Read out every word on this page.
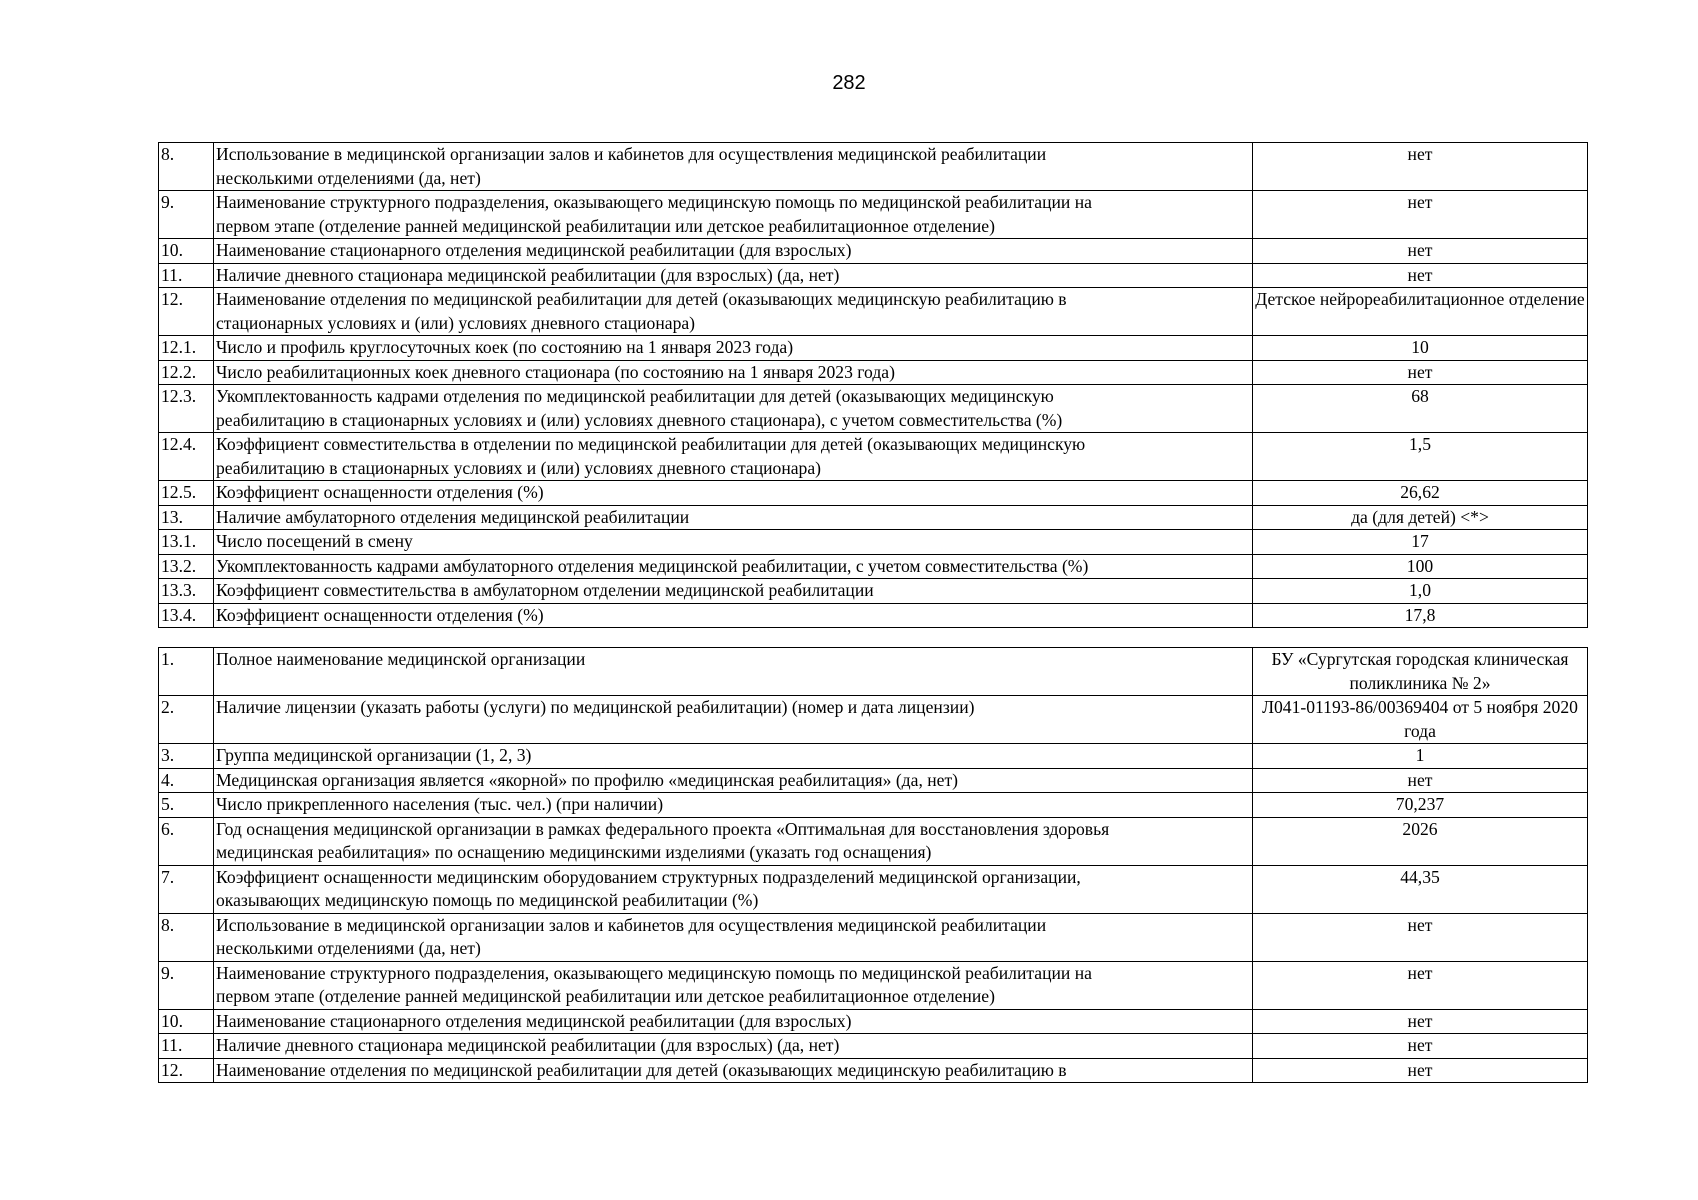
282
8.	Использование в медицинской организации залов и кабинетов для осуществления медицинской реабилитации
несколькими отделениями (да, нет)	нет
9.	Наименование структурного подразделения, оказывающего медицинскую помощь по медицинской реабилитации на
первом этапе (отделение ранней медицинской реабилитации или детское реабилитационное отделение)	нет
10.	Наименование стационарного отделения медицинской реабилитации (для взрослых)	нет
11.	Наличие дневного стационара медицинской реабилитации (для взрослых) (да, нет)	нет
12.	Наименование отделения по медицинской реабилитации для детей (оказывающих медицинскую реабилитацию в
стационарных условиях и (или) условиях дневного стационара)	Детское нейрореабилитационное отделение
12.1.	Число и профиль круглосуточных коек (по состоянию на 1 января 2023 года)	10
12.2.	Число реабилитационных коек дневного стационара (по состоянию на 1 января 2023 года)	нет
12.3.	Укомплектованность кадрами отделения по медицинской реабилитации для детей (оказывающих медицинскую
реабилитацию в стационарных условиях и (или) условиях дневного стационара), с учетом совместительства (%)	68
12.4.	Коэффициент совместительства в отделении по медицинской реабилитации для детей (оказывающих медицинскую
реабилитацию в стационарных условиях и (или) условиях дневного стационара)	1,5
12.5.	Коэффициент оснащенности отделения (%)	26,62
13.	Наличие амбулаторного отделения медицинской реабилитации	да (для детей) <*>
13.1.	Число посещений в смену	17
13.2.	Укомплектованность кадрами амбулаторного отделения медицинской реабилитации, с учетом совместительства (%)	100
13.3.	Коэффициент совместительства в амбулаторном отделении медицинской реабилитации	1,0
13.4.	Коэффициент оснащенности отделения (%)	17,8
1.	Полное наименование медицинской организации	БУ «Сургутская городская клиническая поликлиника № 2»
2.	Наличие лицензии (указать работы (услуги) по медицинской реабилитации) (номер и дата лицензии)	Л041-01193-86/00369404 от 5 ноября 2020 года
3.	Группа медицинской организации (1, 2, 3)	1
4.	Медицинская организация является «якорной» по профилю «медицинская реабилитация» (да, нет)	нет
5.	Число прикрепленного населения (тыс. чел.) (при наличии)	70,237
6.	Год оснащения медицинской организации в рамках федерального проекта «Оптимальная для восстановления здоровья
медицинская реабилитация» по оснащению медицинскими изделиями (указать год оснащения)	2026
7.	Коэффициент оснащенности медицинским оборудованием структурных подразделений медицинской организации,
оказывающих медицинскую помощь по медицинской реабилитации (%)	44,35
8.	Использование в медицинской организации залов и кабинетов для осуществления медицинской реабилитации
несколькими отделениями (да, нет)	нет
9.	Наименование структурного подразделения, оказывающего медицинскую помощь по медицинской реабилитации на
первом этапе (отделение ранней медицинской реабилитации или детское реабилитационное отделение)	нет
10.	Наименование стационарного отделения медицинской реабилитации (для взрослых)	нет
11.	Наличие дневного стационара медицинской реабилитации (для взрослых) (да, нет)	нет
12.	Наименование отделения по медицинской реабилитации для детей (оказывающих медицинскую реабилитацию в	нет
